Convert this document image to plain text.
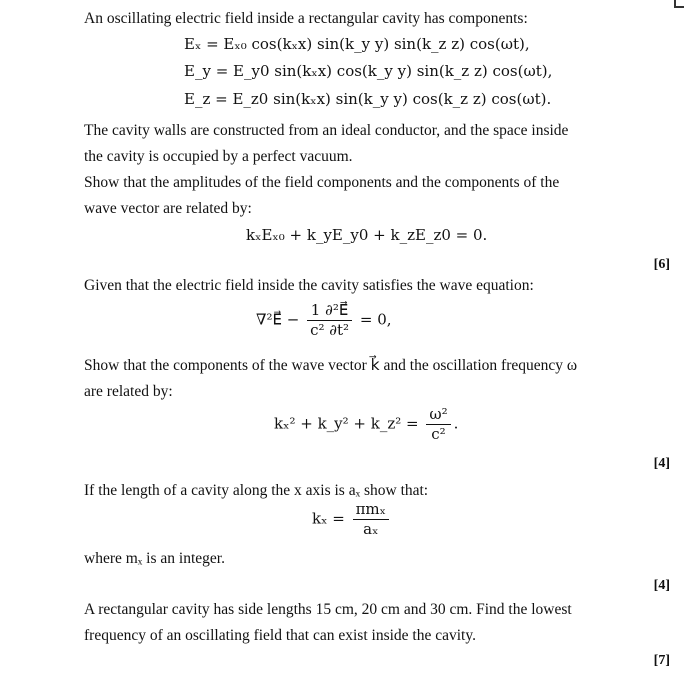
An oscillating electric field inside a rectangular cavity has components:
Eₓ = Eₓ₀ cos(kₓx) sin(k_y y) sin(k_z z) cos(ωt),
E_y = E_y0 sin(kₓx) cos(k_y y) sin(k_z z) cos(ωt),
E_z = E_z0 sin(kₓx) sin(k_y y) cos(k_z z) cos(ωt).
The cavity walls are constructed from an ideal conductor, and the space inside
the cavity is occupied by a perfect vacuum.
Show that the amplitudes of the field components and the components of the
wave vector are related by:
kₓEₓ₀ + k_yE_y0 + k_zE_z0 = 0.
[6]
Given that the electric field inside the cavity satisfies the wave equation:
∇²E⃗ − $\frac{\text{1 ∂²E⃗}}{\text{c² ∂t²}} = 0$,
Show that the components of the wave vector k⃗ and the oscillation frequency ω
are related by:
kₓ² + k_y² + k_z² = $\frac{\text{ω²}}{\text{c²}}$ .
[4]
If the length of a cavity along the x axis is aₓ show that:
$k_x = \frac{\text{πmₓ}}{\text{aₓ}}$
where mₓ is an integer.
[4]
A rectangular cavity has side lengths 15 cm, 20 cm and 30 cm. Find the lowest
frequency of an oscillating field that can exist inside the cavity.
[7]
